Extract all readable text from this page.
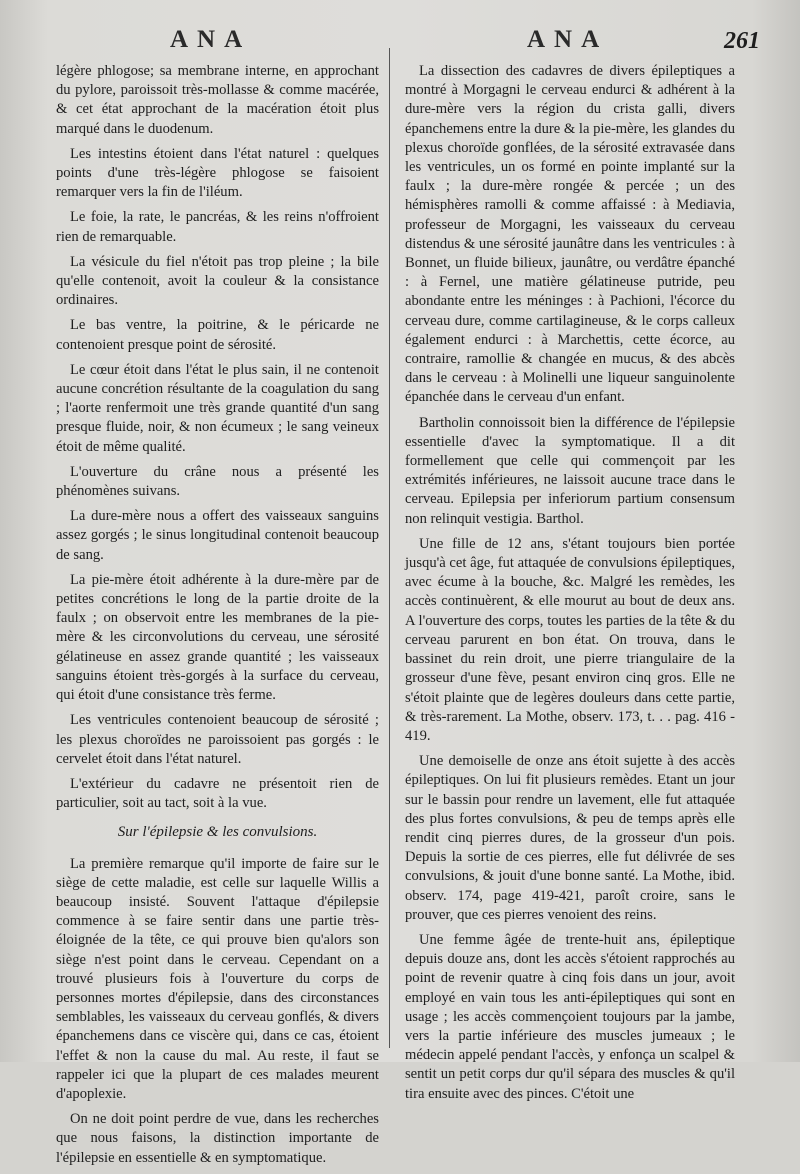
ANA	ANA	261

légère phlogose; sa membrane interne, en approchant du pylore, paroissoit très-mollasse & comme macérée, & cet état approchant de la macération étoit plus marqué dans le duodenum.

Les intestins étoient dans l'état naturel : quelques points d'une très-légère phlogose se faisoient remarquer vers la fin de l'iléum.

Le foie, la rate, le pancréas, & les reins n'offroient rien de remarquable.

La vésicule du fiel n'étoit pas trop pleine ; la bile qu'elle contenoit, avoit la couleur & la consistance ordinaires.

Le bas ventre, la poitrine, & le péricarde ne contenoient presque point de sérosité.

Le cœur étoit dans l'état le plus sain, il ne contenoit aucune concrétion résultante de la coagulation du sang ; l'aorte renfermoit une très grande quantité d'un sang presque fluide, noir, & non écumeux ; le sang veineux étoit de même qualité.

L'ouverture du crâne nous a présenté les phénomènes suivans.

La dure-mère nous a offert des vaisseaux sanguins assez gorgés ; le sinus longitudinal contenoit beaucoup de sang.

La pie-mère étoit adhérente à la dure-mère par de petites concrétions le long de la partie droite de la faulx ; on observoit entre les membranes de la pie-mère & les circonvolutions du cerveau, une sérosité gélatineuse en assez grande quantité ; les vaisseaux sanguins étoient très-gorgés à la surface du cerveau, qui étoit d'une consistance très ferme.

Les ventricules contenoient beaucoup de sérosité ; les plexus choroïdes ne paroissoient pas gorgés : le cervelet étoit dans l'état naturel.

L'extérieur du cadavre ne présentoit rien de particulier, soit au tact, soit à la vue.

Sur l'épilepsie & les convulsions.

La première remarque qu'il importe de faire sur le siège de cette maladie, est celle sur laquelle Willis a beaucoup insisté. Souvent l'attaque d'épilepsie commence à se faire sentir dans une partie très-éloignée de la tête, ce qui prouve bien qu'alors son siège n'est point dans le cerveau. Cependant on a trouvé plusieurs fois à l'ouverture du corps de personnes mortes d'épilepsie, dans des circonstances semblables, les vaisseaux du cerveau gonflés, & divers épanchemens dans ce viscère qui, dans ce cas, étoient l'effet & non la cause du mal. Au reste, il faut se rappeler ici que la plupart de ces malades meurent d'apoplexie.

On ne doit point perdre de vue, dans les recherches que nous faisons, la distinction importante de l'épilepsie en essentielle & en symptomatique.

La dissection des cadavres de divers épileptiques a montré à Morgagni le cerveau endurci & adhérent à la dure-mère vers la région du crista galli, divers épanchemens entre la dure & la pie-mère, les glandes du plexus choroïde gonflées, de la sérosité extravasée dans les ventricules, un os formé en pointe implanté sur la faulx ; la dure-mère rongée & percée ; un des hémisphères ramolli & comme affaissé : à Mediavia, professeur de Morgagni, les vaisseaux du cerveau distendus & une sérosité jaunâtre dans les ventricules : à Bonnet, un fluide bilieux, jaunâtre, ou verdâtre épanché : à Fernel, une matière gélatineuse putride, peu abondante entre les méninges : à Pachioni, l'écorce du cerveau dure, comme cartilagineuse, & le corps calleux également endurci : à Marchettis, cette écorce, au contraire, ramollie & changée en mucus, & des abcès dans le cerveau : à Molinelli une liqueur sanguinolente épanchée dans le cerveau d'un enfant.

Bartholin connoissoit bien la différence de l'épilepsie essentielle d'avec la symptomatique. Il a dit formellement que celle qui commençoit par les extrémités inférieures, ne laissoit aucune trace dans le cerveau. Epilepsia per inferiorum partium consensum non relinquit vestigia. Barthol.

Une fille de 12 ans, s'étant toujours bien portée jusqu'à cet âge, fut attaquée de convulsions épileptiques, avec écume à la bouche, &c. Malgré les remèdes, les accès continuèrent, & elle mourut au bout de deux ans. A l'ouverture des corps, toutes les parties de la tête & du cerveau parurent en bon état. On trouva, dans le bassinet du rein droit, une pierre triangulaire de la grosseur d'une fève, pesant environ cinq gros. Elle ne s'étoit plainte que de legères douleurs dans cette partie, & très-rarement. La Mothe, observ. 173, t. . . pag. 416 - 419.

Une demoiselle de onze ans étoit sujette à des accès épileptiques. On lui fit plusieurs remèdes. Etant un jour sur le bassin pour rendre un lavement, elle fut attaquée des plus fortes convulsions, & peu de temps après elle rendit cinq pierres dures, de la grosseur d'un pois. Depuis la sortie de ces pierres, elle fut délivrée de ses convulsions, & jouit d'une bonne santé. La Mothe, ibid. observ. 174, page 419-421, paroît croire, sans le prouver, que ces pierres venoient des reins.

Une femme âgée de trente-huit ans, épileptique depuis douze ans, dont les accès s'étoient rapprochés au point de revenir quatre à cinq fois dans un jour, avoit employé en vain tous les anti-épileptiques qui sont en usage ; les accès commençoient toujours par la jambe, vers la partie inférieure des muscles jumeaux ; le médecin appelé pendant l'accès, y enfonça un scalpel & sentit un petit corps dur qu'il sépara des muscles & qu'il tira ensuite avec des pinces. C'étoit une
